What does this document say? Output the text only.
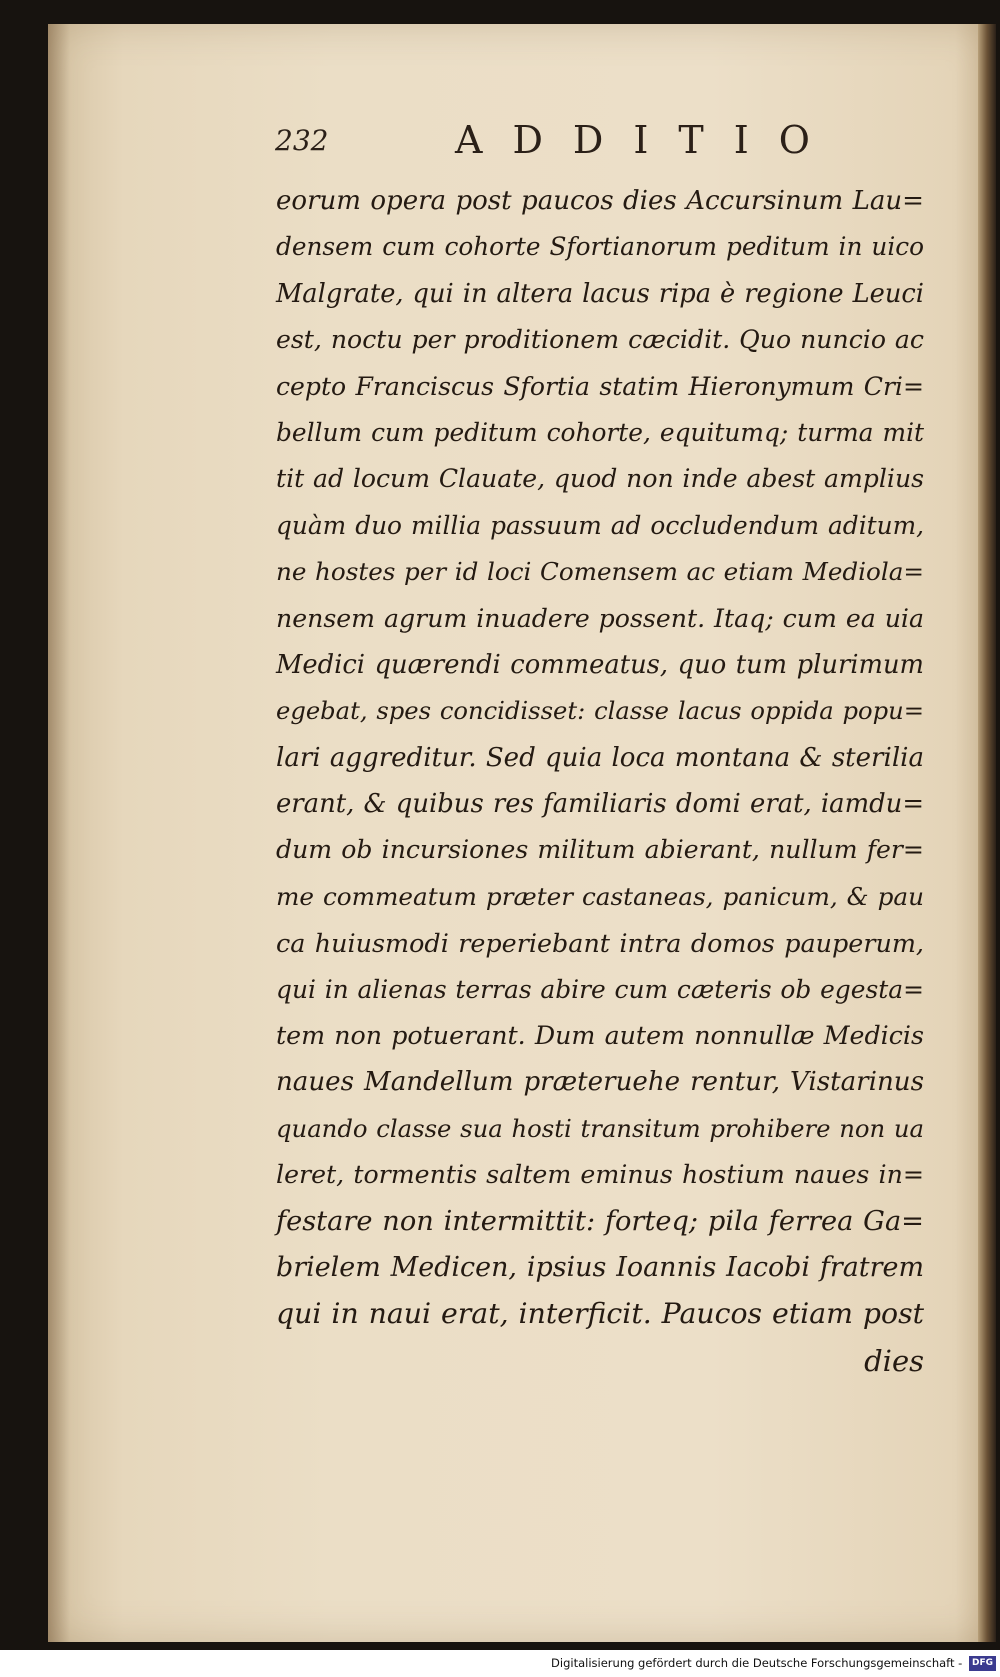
232	ADDITIO
eorum opera post paucos dies Accursinum Lau=
densem cum cohorte Sfortianorum peditum in uico
Malgrate, qui in altera lacus ripa è regione Leuci
est, noctu per proditionem cæcidit. Quo nuncio ac
cepto Franciscus Sfortia statim Hieronymum Cri=
bellum cum peditum cohorte, equitumq; turma mit
tit ad locum Clauate, quod non inde abest amplius
quàm duo millia passuum ad occludendum aditum,
ne hostes per id loci Comensem ac etiam Mediola=
nensem agrum inuadere possent. Itaq; cum ea uia
Medici quærendi commeatus, quo tum plurimum
egebat, spes concidisset: classe lacus oppida popu=
lari aggreditur. Sed quia loca montana & sterilia
erant, & quibus res familiaris domi erat, iamdu=
dum ob incursiones militum abierant, nullum fer=
me commeatum præter castaneas, panicum, & pau
ca huiusmodi reperiebant intra domos pauperum,
qui in alienas terras abire cum cæteris ob egesta=
tem non potuerant. Dum autem nonnullæ Medicis
naues Mandellum præteruehe rentur, Vistarinus
quando classe sua hosti transitum prohibere non ua
leret, tormentis saltem eminus hostium naues in=
festare non intermittit: forteq; pila ferrea Ga=
brielem Medicen, ipsius Ioannis Iacobi fratrem
qui in naui erat, interficit. Paucos etiam post
dies
Digitalisierung gefördert durch die Deutsche Forschungsgemeinschaft - DFG
